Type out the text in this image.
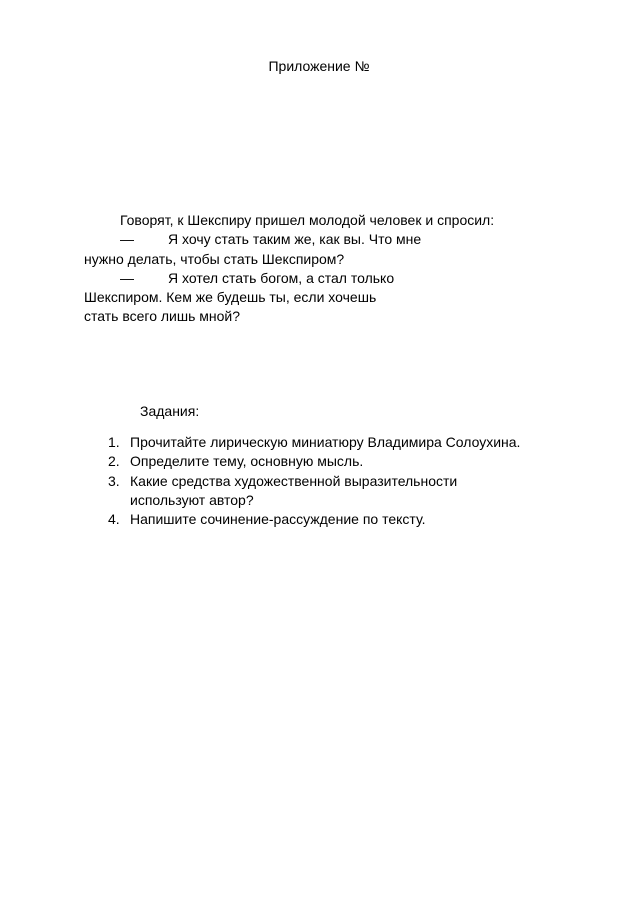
Приложение №
Говорят, к Шекспиру пришел молодой человек и спросил:
— Я хочу стать таким же, как вы. Что мне
нужно делать, чтобы стать Шекспиром?
— Я хотел стать богом, а стал только
Шекспиром. Кем же будешь ты, если хочешь
стать всего лишь мной?
Задания:
1. Прочитайте лирическую миниатюру Владимира Солоухина.
2. Определите тему, основную мысль.
3. Какие средства художественной выразительности используют автор?
4. Напишите сочинение-рассуждение по тексту.
